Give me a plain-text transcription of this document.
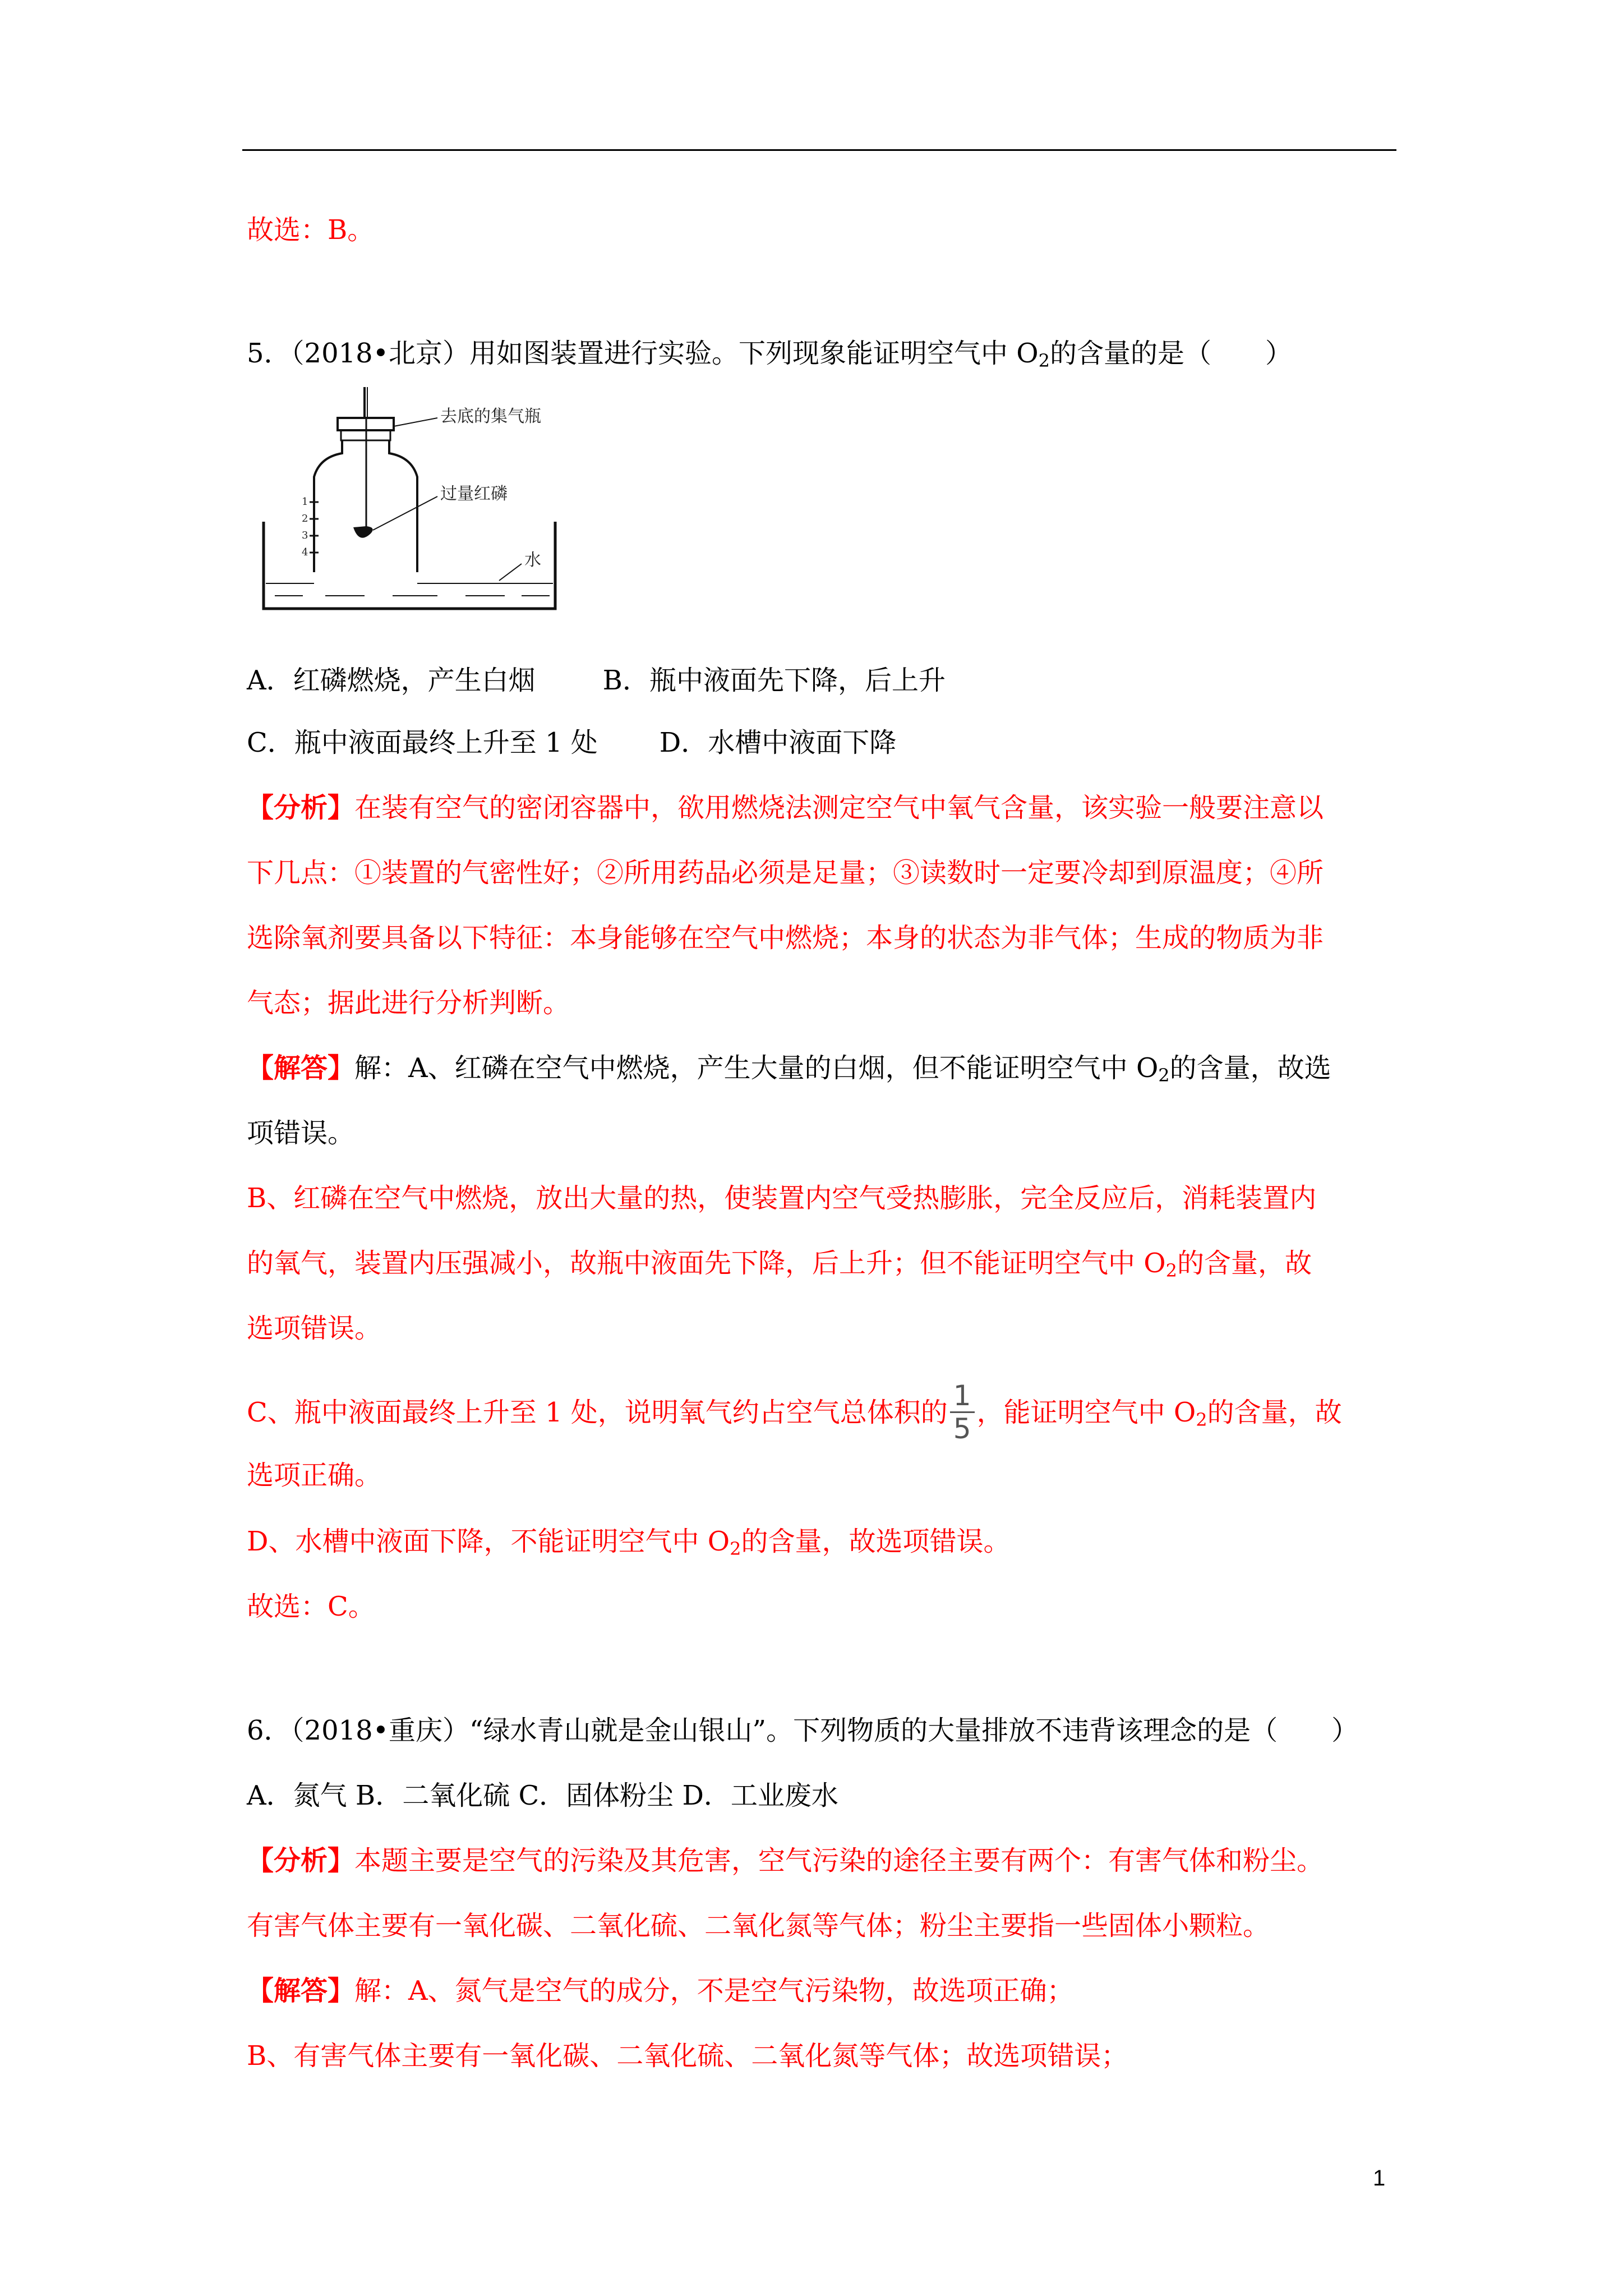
故选：B。
5．（2018•北京）用如图装置进行实验。下列现象能证明空气中 $O_2$的含量的是（　　）
1
2
3
4
去底的集气瓶
过量红磷
水
A．红磷燃烧，产生白烟	B．瓶中液面先下降，后上升
C．瓶中液面最终上升至 1 处 D．水槽中液面下降
【分析】在装有空气的密闭容器中，欲用燃烧法测定空气中氧气含量，该实验一般要注意以
下几点：①装置的气密性好；②所用药品必须是足量；③读数时一定要冷却到原温度；④所
选除氧剂要具备以下特征：本身能够在空气中燃烧；本身的状态为非气体；生成的物质为非
气态；据此进行分析判断。
【解答】解：A、红磷在空气中燃烧，产生大量的白烟，但不能证明空气中 $O_2$的含量，故选
项错误。
B、红磷在空气中燃烧，放出大量的热，使装置内空气受热膨胀，完全反应后，消耗装置内
的氧气，装置内压强减小，故瓶中液面先下降，后上升；但不能证明空气中 $O_2$的含量，故
选项错误。
C、瓶中液面最终上升至 1 处，说明氧气约占空气总体积的 $\frac{1}{5}$ ，能证明空气中 $O_2$的含量，故
选项正确。
D、水槽中液面下降，不能证明空气中 $O_2$的含量，故选项错误。
故选：C。
6．（2018•重庆）“绿水青山就是金山银山”。下列物质的大量排放不违背该理念的是（　　）
A．氮气 B．二氧化硫 C．固体粉尘 D．工业废水
【分析】本题主要是空气的污染及其危害，空气污染的途径主要有两个：有害气体和粉尘。
有害气体主要有一氧化碳、二氧化硫、二氧化氮等气体；粉尘主要指一些固体小颗粒。
【解答】解：A、氮气是空气的成分，不是空气污染物，故选项正确；
B、有害气体主要有一氧化碳、二氧化硫、二氧化氮等气体；故选项错误；
1
